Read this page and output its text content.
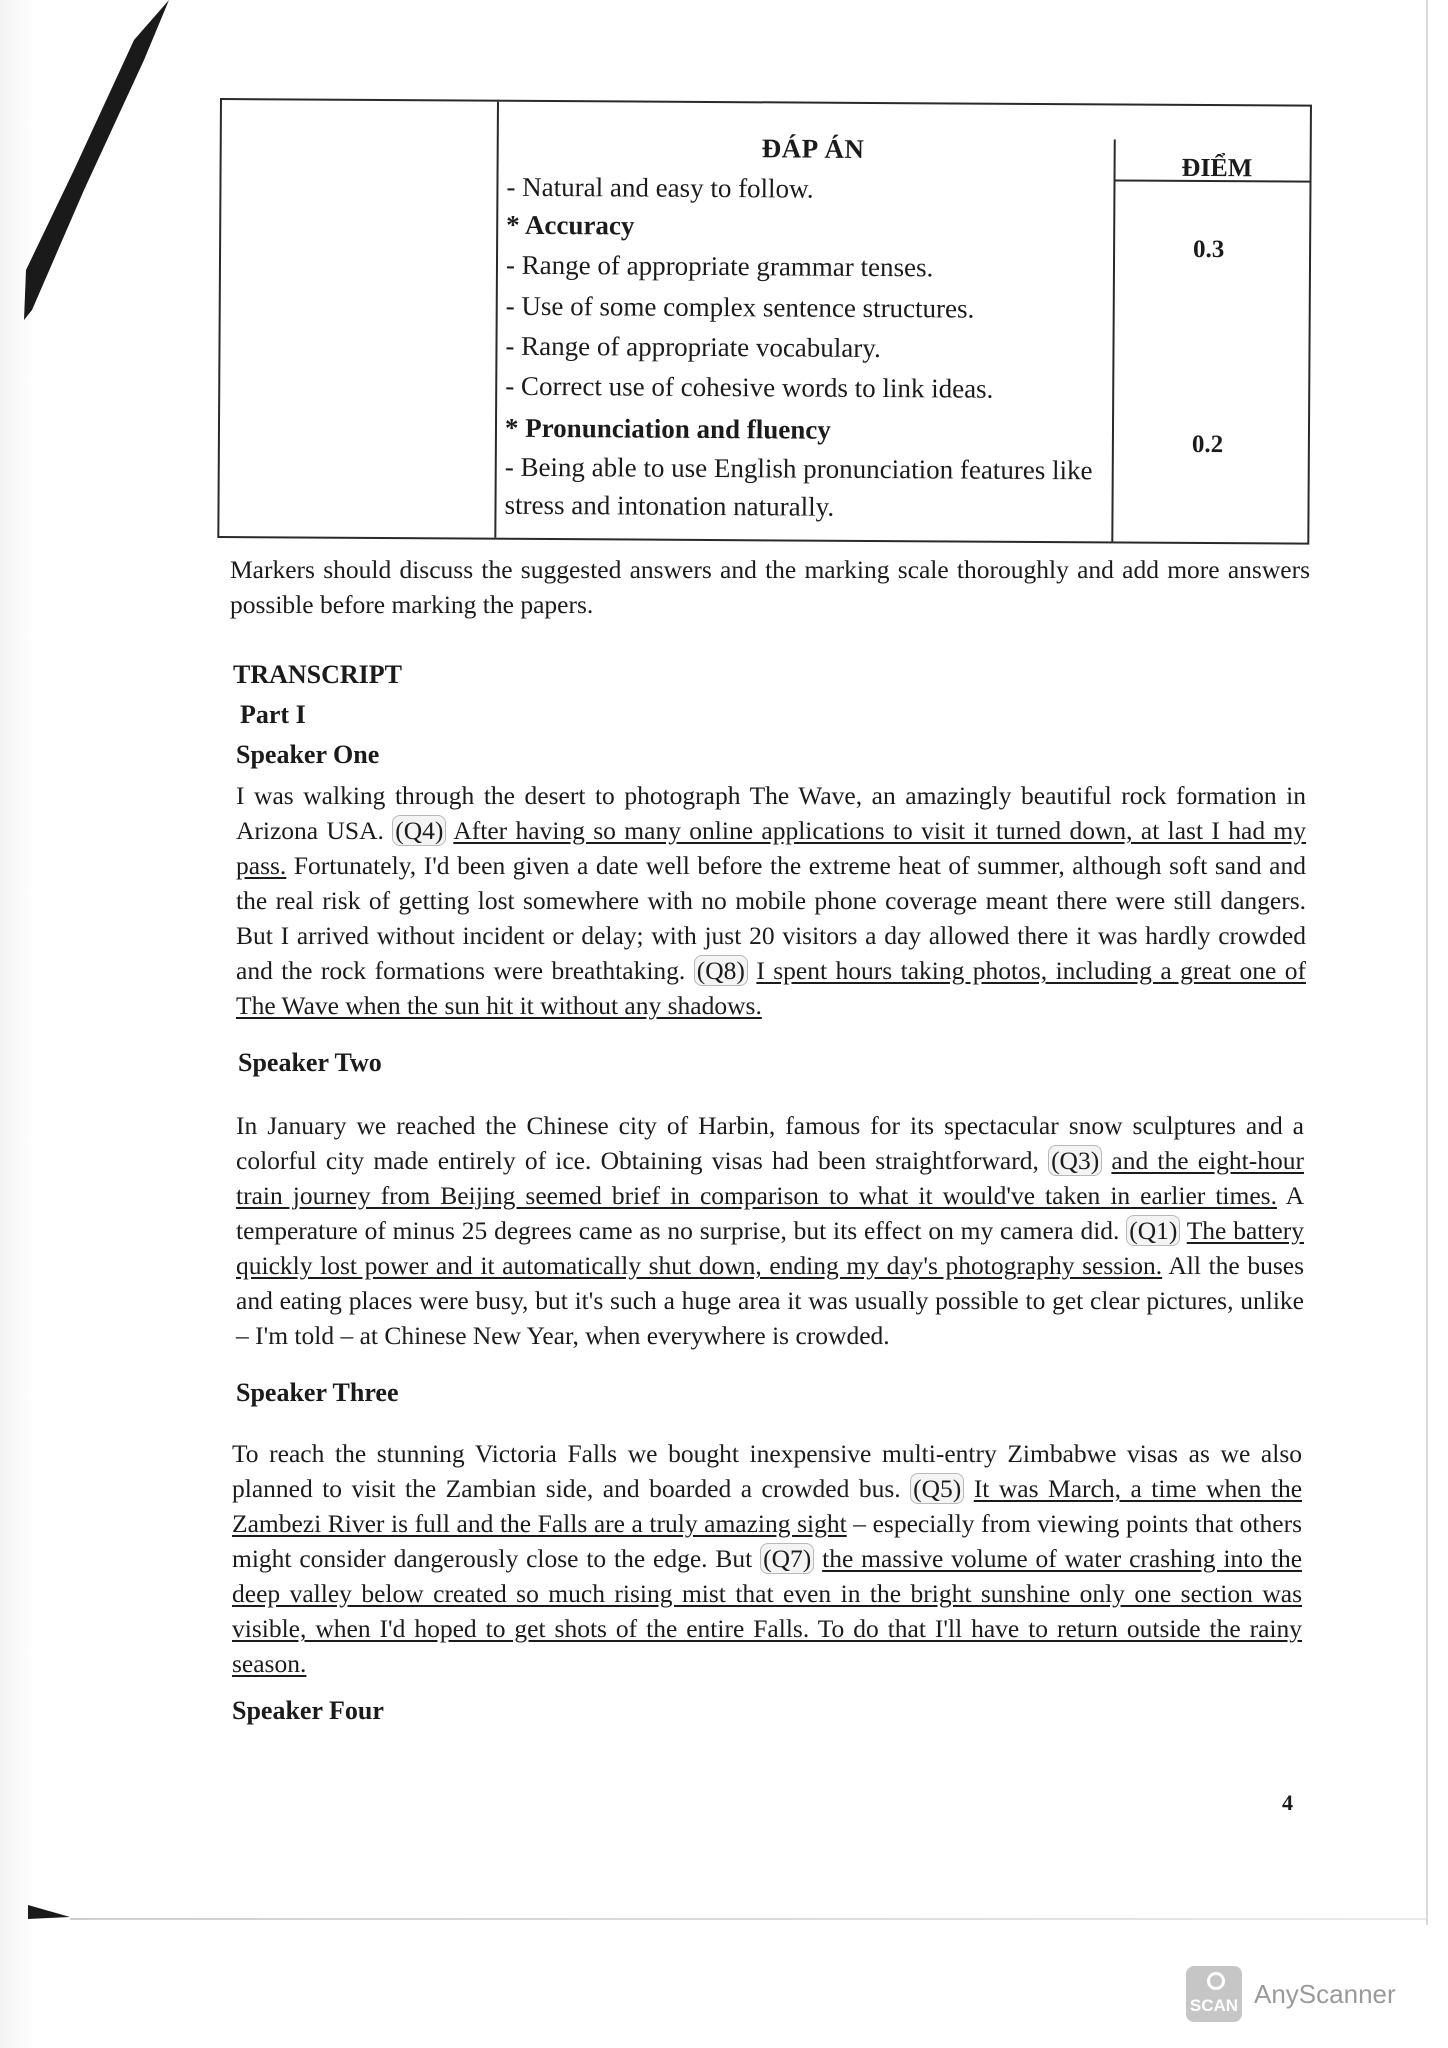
ĐÁP ÁN
ĐIỂM
- Natural and easy to follow.
* Accuracy
- Range of appropriate grammar tenses.
- Use of some complex sentence structures.
- Range of appropriate vocabulary.
- Correct use of cohesive words to link ideas.
* Pronunciation and fluency
- Being able to use English pronunciation features like
stress and intonation naturally.
0.3
0.2
Markers should discuss the suggested answers and the marking scale thoroughly and add more answers possible before marking the papers.
TRANSCRIPT
Part I
Speaker One
I was walking through the desert to photograph The Wave, an amazingly beautiful rock formation in Arizona USA. (Q4) After having so many online applications to visit it turned down, at last I had my pass. Fortunately, I'd been given a date well before the extreme heat of summer, although soft sand and the real risk of getting lost somewhere with no mobile phone coverage meant there were still dangers. But I arrived without incident or delay; with just 20 visitors a day allowed there it was hardly crowded and the rock formations were breathtaking. (Q8) I spent hours taking photos, including a great one of The Wave when the sun hit it without any shadows.
Speaker Two
In January we reached the Chinese city of Harbin, famous for its spectacular snow sculptures and a colorful city made entirely of ice. Obtaining visas had been straightforward, (Q3) and the eight-hour train journey from Beijing seemed brief in comparison to what it would've taken in earlier times. A temperature of minus 25 degrees came as no surprise, but its effect on my camera did. (Q1) The battery quickly lost power and it automatically shut down, ending my day's photography session. All the buses and eating places were busy, but it's such a huge area it was usually possible to get clear pictures, unlike – I'm told – at Chinese New Year, when everywhere is crowded.
Speaker Three
To reach the stunning Victoria Falls we bought inexpensive multi-entry Zimbabwe visas as we also planned to visit the Zambian side, and boarded a crowded bus. (Q5) It was March, a time when the Zambezi River is full and the Falls are a truly amazing sight – especially from viewing points that others might consider dangerously close to the edge. But (Q7) the massive volume of water crashing into the deep valley below created so much rising mist that even in the bright sunshine only one section was visible, when I'd hoped to get shots of the entire Falls. To do that I'll have to return outside the rainy season.
Speaker Four
4
SCAN AnyScanner
